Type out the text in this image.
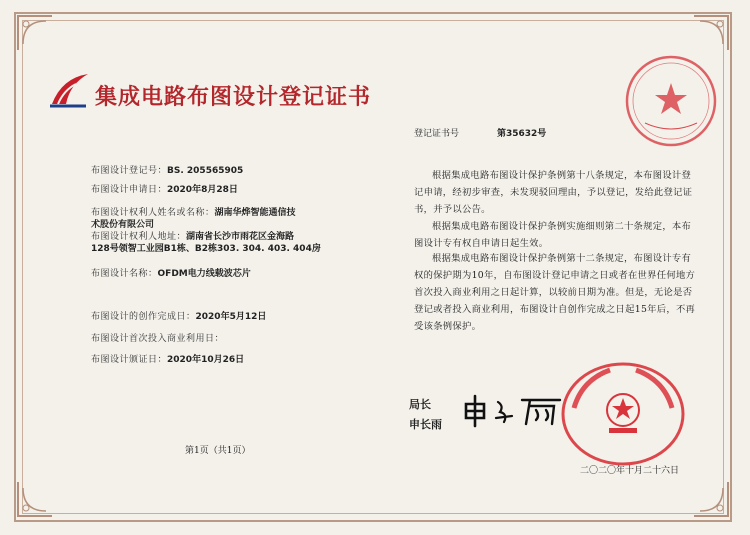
集成电路布图设计登记证书
登记证书号	第35632号
布图设计登记号：BS. 205565905
布图设计申请日：2020年8月28日
布图设计权利人姓名或名称：湖南华烨智能通信技
术股份有限公司
布图设计权利人地址：湖南省长沙市雨花区金海路
128号领智工业园B1栋、B2栋303. 304. 403. 404房
布图设计名称：OFDM电力线载波芯片
布图设计的创作完成日：2020年5月12日
布图设计首次投入商业利用日：
布图设计颁证日：2020年10月26日
根据集成电路布图设计保护条例第十八条规定，本布图设计登记申请，经初步审查，未发现驳回理由，予以登记，发给此登记证书，并予以公告。
根据集成电路布图设计保护条例实施细则第二十条规定，本布图设计专有权自申请日起生效。
根据集成电路布图设计保护条例第十二条规定，布图设计专有权的保护期为10年，自布图设计登记申请之日或者在世界任何地方首次投入商业利用之日起计算，以较前日期为准。但是，无论是否登记或者投入商业利用，布图设计自创作完成之日起15年后，不再受该条例保护。
第1页（共1页）
局长
申长雨
二〇二〇年十月二十六日
